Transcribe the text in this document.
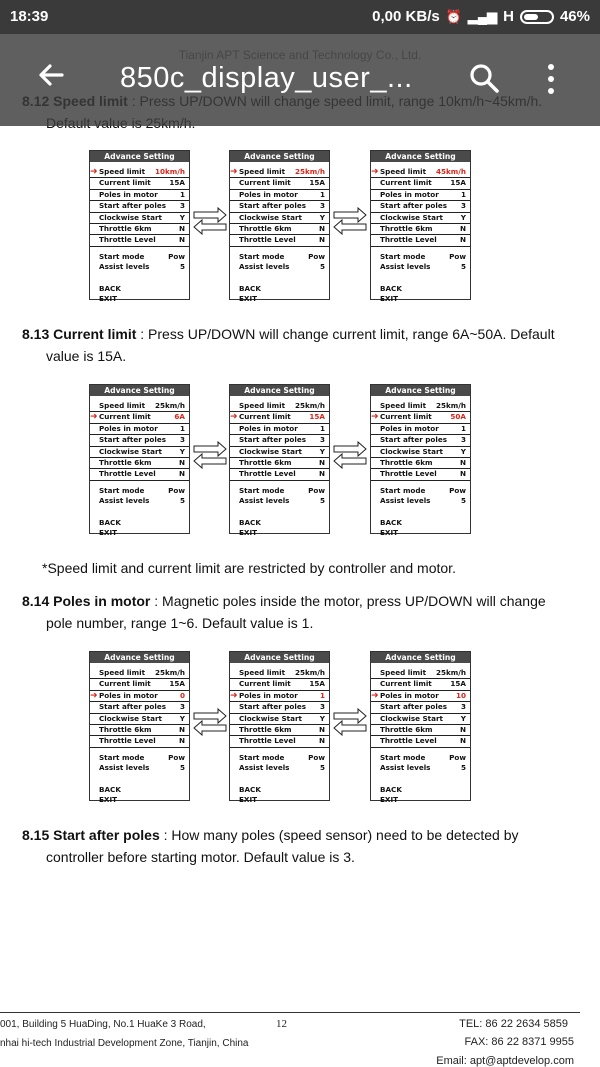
18:39	0,00 KB/s ⏰ ▂▄▆ H	46%
8.13 Current limit : Press UP/DOWN will change current limit, range 6A~50A. Default
value is 15A.
*Speed limit and current limit are restricted by controller and motor.
8.14 Poles in motor : Magnetic poles inside the motor, press UP/DOWN will change
pole number, range 1~6. Default value is 1.
8.15 Start after poles : How many poles (speed sensor) need to be detected by
controller before starting motor. Default value is 3.
Advance Setting
➜ Speed limit 10km/h
Current limit	15A
Poles in motor	1
Start after poles 3
Clockwise Start Y
Throttle 6km	N
Throttle Level	N
Start mode	Pow
Assist levels	5
BACK
EXIT
Advance Setting
➜ Speed limit 25km/h
Current limit	15A
Poles in motor	1
Start after poles 3
Clockwise Start Y
Throttle 6km	N
Throttle Level	N
Start mode	Pow
Assist levels	5
BACK
EXIT
Advance Setting
➜ Speed limit 45km/h
Current limit	15A
Poles in motor	1
Start after poles 3
Clockwise Start Y
Throttle 6km	N
Throttle Level	N
Start mode	Pow
Assist levels	5
BACK
EXIT
Advance Setting
Speed limit 25km/h
➜ Current limit	6A
Poles in motor	1
Start after poles 3
Clockwise Start Y
Throttle 6km	N
Throttle Level	N
Start mode	Pow
Assist levels	5
BACK
EXIT
Advance Setting
Speed limit 25km/h
➜ Current limit	15A
Poles in motor	1
Start after poles 3
Clockwise Start Y
Throttle 6km	N
Throttle Level	N
Start mode	Pow
Assist levels	5
BACK
EXIT
Advance Setting
Speed limit 25km/h
➜ Current limit	50A
Poles in motor	1
Start after poles 3
Clockwise Start Y
Throttle 6km	N
Throttle Level	N
Start mode	Pow
Assist levels	5
BACK
EXIT
Advance Setting
Speed limit 25km/h
Current limit	15A
➜ Poles in motor	0
Start after poles 3
Clockwise Start Y
Throttle 6km	N
Throttle Level	N
Start mode	Pow
Assist levels	5
BACK
EXIT
Advance Setting
Speed limit 25km/h
Current limit	15A
➜ Poles in motor	1
Start after poles 3
Clockwise Start Y
Throttle 6km	N
Throttle Level	N
Start mode	Pow
Assist levels	5
BACK
EXIT
Advance Setting
Speed limit 25km/h
Current limit	15A
➜ Poles in motor 10
Start after poles 3
Clockwise Start Y
Throttle 6km	N
Throttle Level	N
Start mode	Pow
Assist levels	5
BACK
EXIT
001, Building 5 HuaDing, No.1 HuaKe 3 Road,
nhai hi-tech Industrial Development Zone, Tianjin, China
12	TEL: 86 22 2634 5859
FAX: 86 22 8371 9955
Email: apt@aptdevelop.com
850c_display_user_...
